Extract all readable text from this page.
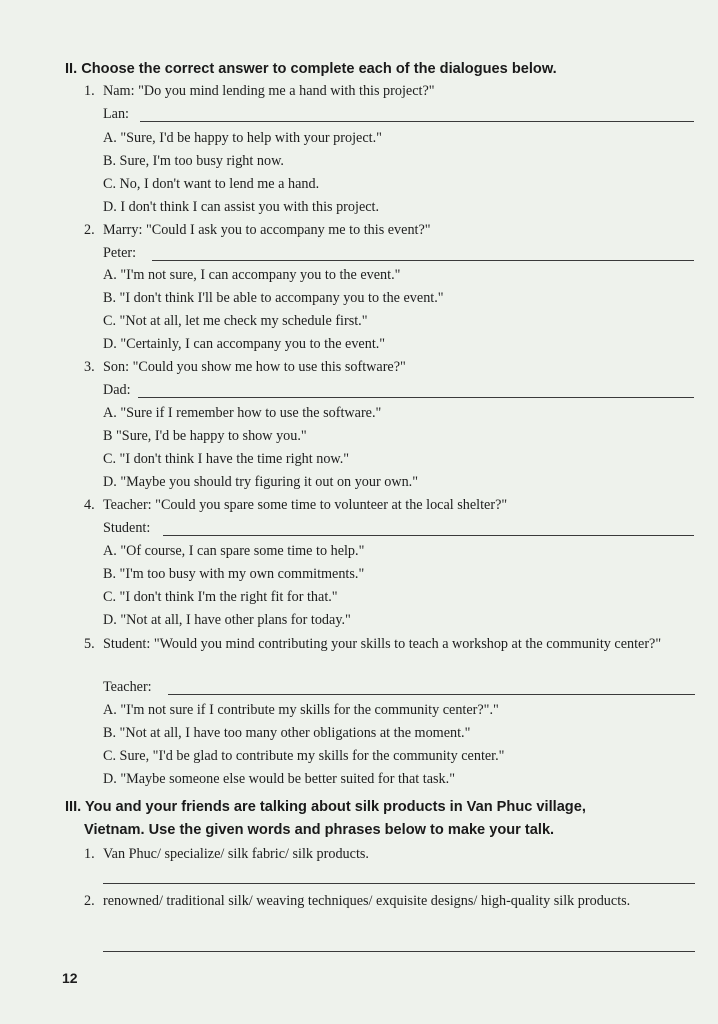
II. Choose the correct answer to complete each of the dialogues below.
1. Nam: "Do you mind lending me a hand with this project?"
Lan:
A. "Sure, I'd be happy to help with your project."
B. Sure, I'm too busy right now.
C. No, I don't want to lend me a hand.
D. I don't think I can assist you with this project.
2. Marry: "Could I ask you to accompany me to this event?"
Peter:
A. "I'm not sure, I can accompany you to the event."
B. "I don't think I'll be able to accompany you to the event."
C. "Not at all, let me check my schedule first."
D. "Certainly, I can accompany you to the event."
3. Son: "Could you show me how to use this software?"
Dad:
A. "Sure if I remember how to use the software."
B "Sure, I'd be happy to show you."
C. "I don't think I have the time right now."
D. "Maybe you should try figuring it out on your own."
4. Teacher: "Could you spare some time to volunteer at the local shelter?"
Student:
A. "Of course, I can spare some time to help."
B. "I'm too busy with my own commitments."
C. "I don't think I'm the right fit for that."
D. "Not at all, I have other plans for today."
5. Student: "Would you mind contributing your skills to teach a workshop at the community center?"
Teacher:
A. "I'm not sure if I contribute my skills for the community center?"."
B. "Not at all, I have too many other obligations at the moment."
C. Sure, "I'd be glad to contribute my skills for the community center."
D. "Maybe someone else would be better suited for that task."
III. You and your friends are talking about silk products in Van Phuc village,
Vietnam. Use the given words and phrases below to make your talk.
1. Van Phuc/ specialize/ silk fabric/ silk products.
2. renowned/ traditional silk/ weaving techniques/ exquisite designs/ high-quality silk products.
12
